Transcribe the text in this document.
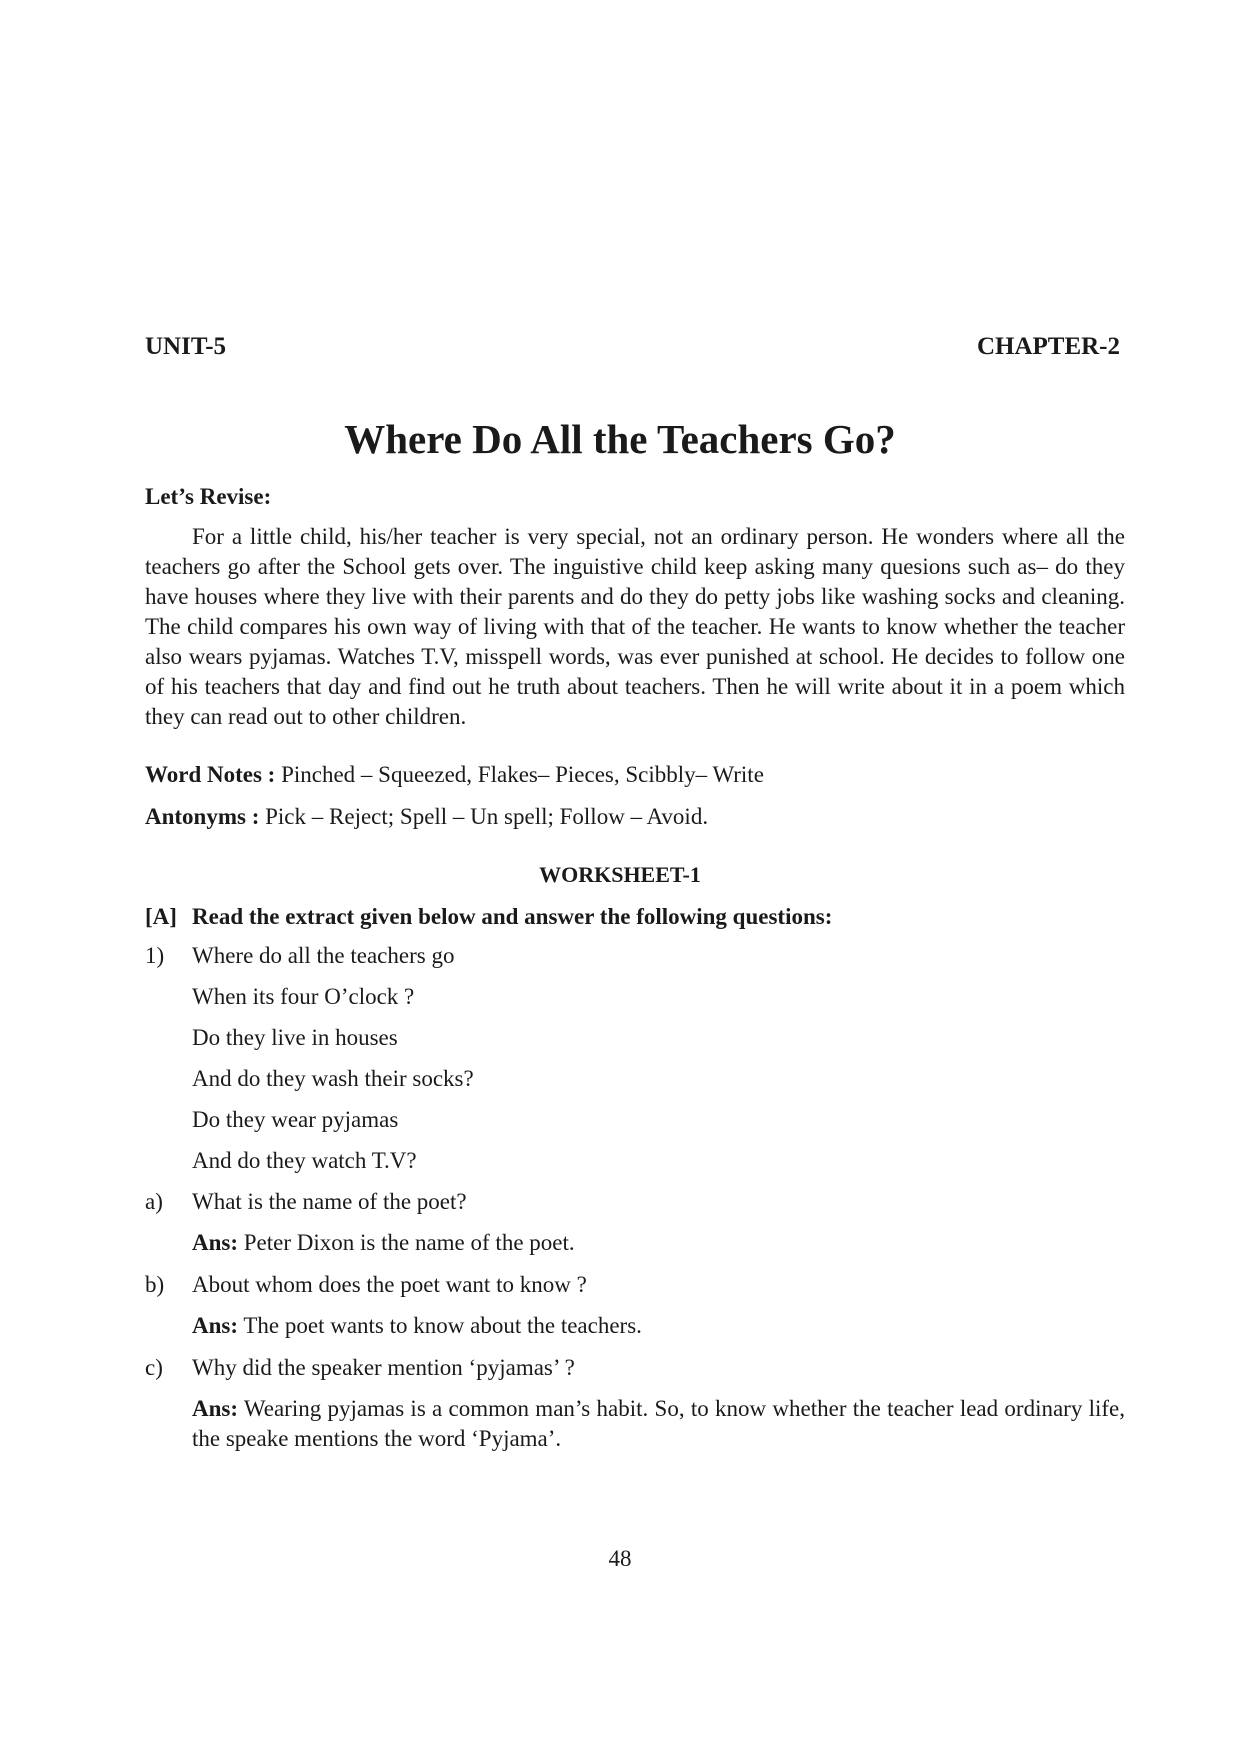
UNIT-5	CHAPTER-2
Where Do All the Teachers Go?
Let’s Revise:

For a little child, his/her teacher is very special, not an ordinary person. He wonders where all the teachers go after the School gets over. The inguistive child keep asking many quesions such as– do they have houses where they live with their parents and do they do petty jobs like washing socks and cleaning. The child compares his own way of living with that of the teacher. He wants to know whether the teacher also wears pyjamas. Watches T.V, misspell words, was ever punished at school. He decides to follow one of his teachers that day and find out he truth about teachers. Then he will write about it in a poem which they can read out to other children.

Word Notes : Pinched – Squeezed, Flakes– Pieces, Scibbly– Write
Antonyms : Pick – Reject; Spell – Un spell; Follow – Avoid.
WORKSHEET-1
[A] Read the extract given below and answer the following questions:
1) Where do all the teachers go
When its four O’clock ?
Do they live in houses
And do they wash their socks?
Do they wear pyjamas
And do they watch T.V?
a) What is the name of the poet?
Ans: Peter Dixon is the name of the poet.
b) About whom does the poet want to know ?
Ans: The poet wants to know about the teachers.
c) Why did the speaker mention ‘pyjamas’ ?

Ans: Wearing pyjamas is a common man’s habit. So, to know whether the teacher lead ordinary life, the speake mentions the word ‘Pyjama’.

48
